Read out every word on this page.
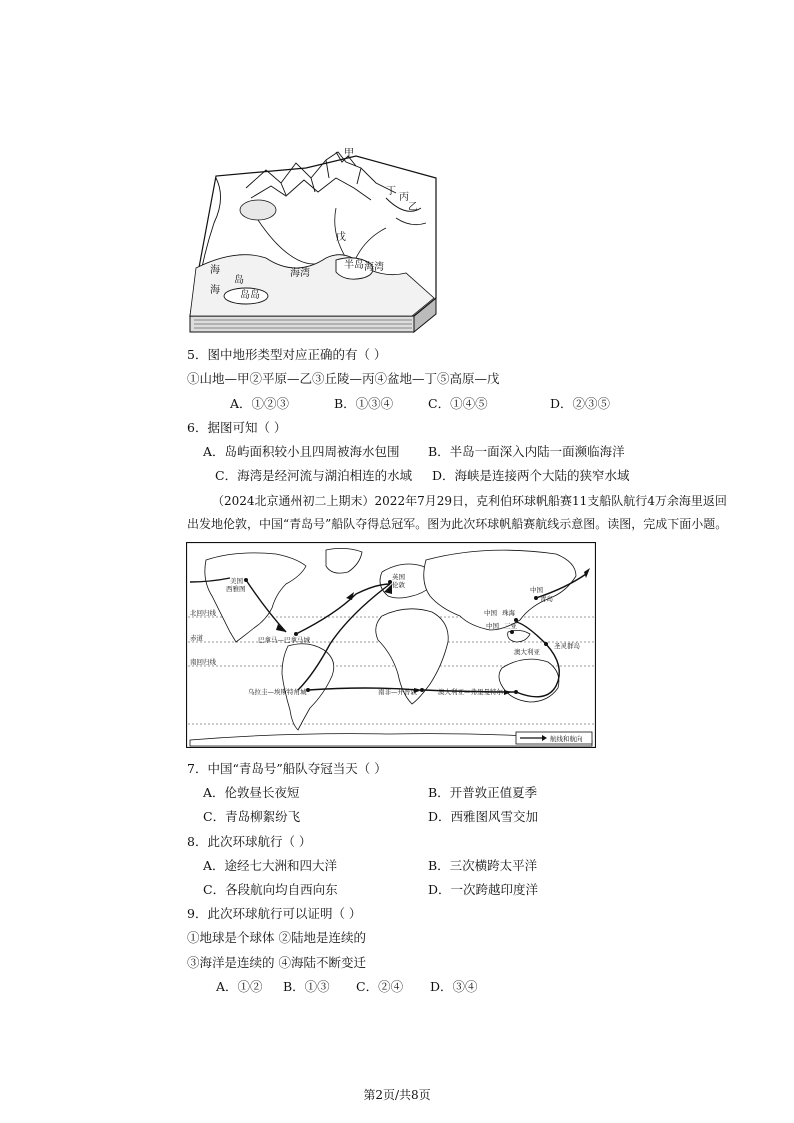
甲
乙
丙
丁
戊
半岛
海湾
海湾
岛
海
海
岛岛
5．图中地形类型对应正确的有（ ）
①山地—甲②平原—乙③丘陵—丙④盆地—丁⑤高原—戊
A．①②③	B．①③④	C．①④⑤	D．②③⑤
6．据图可知（ ）
A．岛屿面积较小且四周被海水包围 B．半岛一面深入内陆一面濒临海洋
C．海湾是经河流与湖泊相连的水域 D．海峡是连接两个大陆的狭窄水域
（2024北京通州初二上期末）2022年7月29日，克利伯环球帆船赛11支船队航行4万余海里返回
出发地伦敦，中国“青岛号”船队夺得总冠军。图为此次环球帆船赛航线示意图。读图，完成下面小题。
北回归线
赤道
南回归线
美国
西雅图
英国
伦敦
中国
青岛
中国 珠海
中国 三亚
巴拿马—巴拿马城
乌拉圭—埃斯特角城	南非—开普敦	澳大利亚—弗里曼特尔
澳大利亚
圣灵群岛
航线和航向
7．中国“青岛号”船队夺冠当天（ ）
A．伦敦昼长夜短	B．开普敦正值夏季
C．青岛柳絮纷飞	D．西雅图风雪交加
8．此次环球航行（ ）
A．途经七大洲和四大洋	B．三次横跨太平洋
C．各段航向均自西向东	D．一次跨越印度洋
9．此次环球航行可以证明（ ）
①地球是个球体 ②陆地是连续的
③海洋是连续的 ④海陆不断变迁
A．①② B．①③ C．②④ D．③④
第2页/共8页
